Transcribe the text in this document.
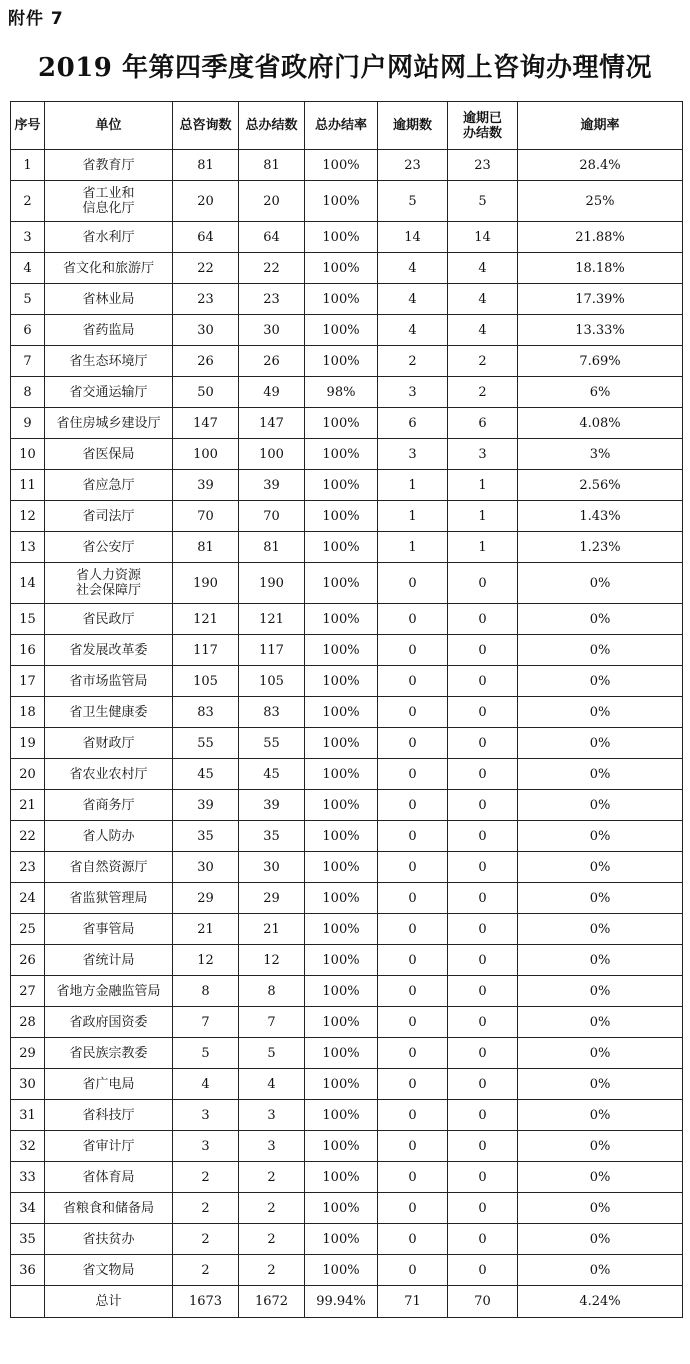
附件 7
2019 年第四季度省政府门户网站网上咨询办理情况
序号	单位	总咨询数	总办结数	总办结率	逾期数	逾期已
办结数	逾期率
1	省教育厅	81	81	100%	23	23	28.4%
2	省工业和
信息化厅	20	20	100%	5	5	25%
3	省水利厅	64	64	100%	14	14	21.88%
4	省文化和旅游厅	22	22	100%	4	4	18.18%
5	省林业局	23	23	100%	4	4	17.39%
6	省药监局	30	30	100%	4	4	13.33%
7	省生态环境厅	26	26	100%	2	2	7.69%
8	省交通运输厅	50	49	98%	3	2	6%
9	省住房城乡建设厅	147	147	100%	6	6	4.08%
10	省医保局	100	100	100%	3	3	3%
11	省应急厅	39	39	100%	1	1	2.56%
12	省司法厅	70	70	100%	1	1	1.43%
13	省公安厅	81	81	100%	1	1	1.23%
14	省人力资源
社会保障厅	190	190	100%	0	0	0%
15	省民政厅	121	121	100%	0	0	0%
16	省发展改革委	117	117	100%	0	0	0%
17	省市场监管局	105	105	100%	0	0	0%
18	省卫生健康委	83	83	100%	0	0	0%
19	省财政厅	55	55	100%	0	0	0%
20	省农业农村厅	45	45	100%	0	0	0%
21	省商务厅	39	39	100%	0	0	0%
22	省人防办	35	35	100%	0	0	0%
23	省自然资源厅	30	30	100%	0	0	0%
24	省监狱管理局	29	29	100%	0	0	0%
25	省事管局	21	21	100%	0	0	0%
26	省统计局	12	12	100%	0	0	0%
27	省地方金融监管局	8	8	100%	0	0	0%
28	省政府国资委	7	7	100%	0	0	0%
29	省民族宗教委	5	5	100%	0	0	0%
30	省广电局	4	4	100%	0	0	0%
31	省科技厅	3	3	100%	0	0	0%
32	省审计厅	3	3	100%	0	0	0%
33	省体育局	2	2	100%	0	0	0%
34	省粮食和储备局	2	2	100%	0	0	0%
35	省扶贫办	2	2	100%	0	0	0%
36	省文物局	2	2	100%	0	0	0%
	总计	1673	1672	99.94%	71	70	4.24%
